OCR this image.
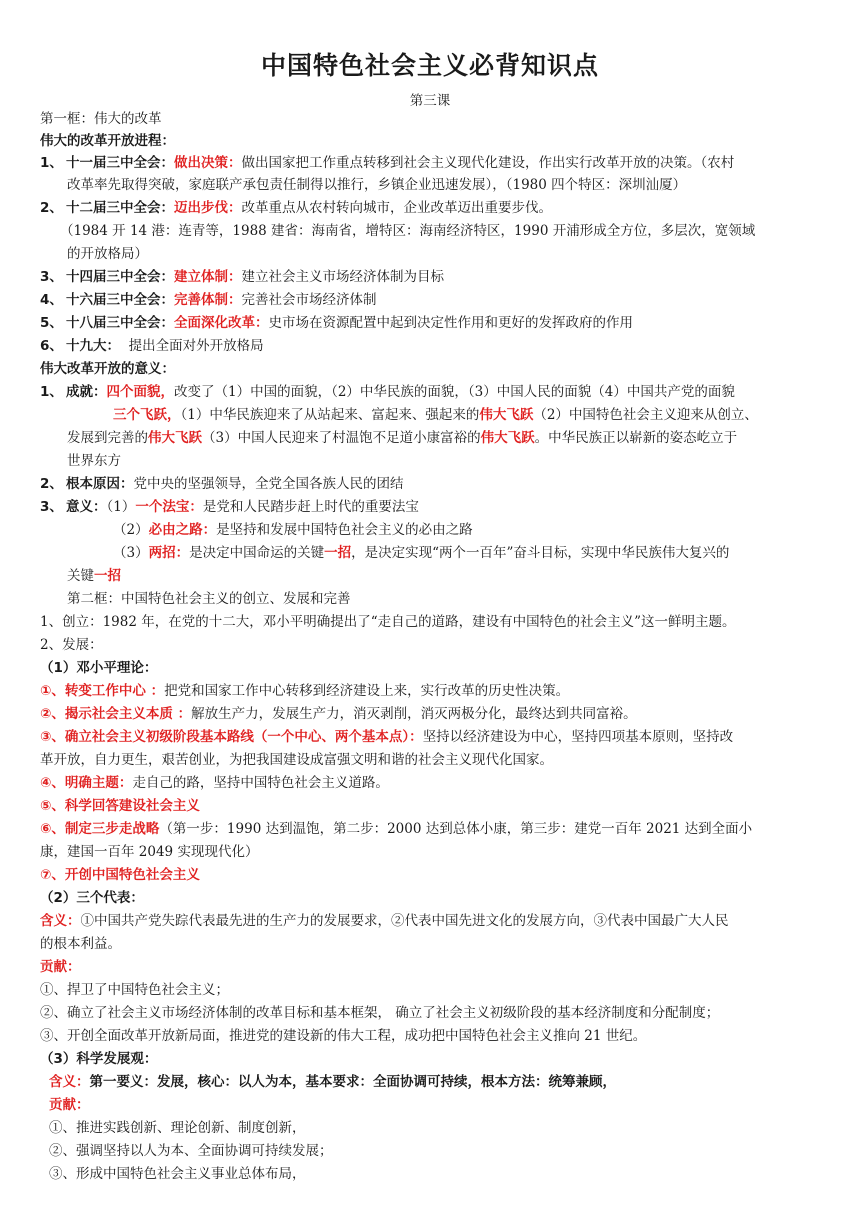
中国特色社会主义必背知识点
第三课
第一框：伟大的改革
伟大的改革开放进程：
1、 十一届三中全会：做出决策：做出国家把工作重点转移到社会主义现代化建设，作出实行改革开放的决策。（农村
改革率先取得突破，家庭联产承包责任制得以推行，乡镇企业迅速发展），（1980 四个特区：深圳汕厦）
2、 十二届三中全会：迈出步伐：改革重点从农村转向城市，企业改革迈出重要步伐。
（1984 开 14 港：连青等，1988 建省：海南省，增特区：海南经济特区，1990 开浦形成全方位，多层次，宽领域
的开放格局）
3、 十四届三中全会：建立体制：建立社会主义市场经济体制为目标
4、 十六届三中全会：完善体制：完善社会市场经济体制
5、 十八届三中全会：全面深化改革：史市场在资源配置中起到决定性作用和更好的发挥政府的作用
6、 十九大：  提出全面对外开放格局
伟大改革开放的意义：
1、 成就：四个面貌，改变了（1）中国的面貌，（2）中华民族的面貌，（3）中国人民的面貌（4）中国共产党的面貌
三个飞跃，（1）中华民族迎来了从站起来、富起来、强起来的伟大飞跃（2）中国特色社会主义迎来从创立、
发展到完善的伟大飞跃（3）中国人民迎来了村温饱不足道小康富裕的伟大飞跃。中华民族正以崭新的姿态屹立于
世界东方
2、 根本原因：党中央的坚强领导，全党全国各族人民的团结
3、 意义：（1）一个法宝：是党和人民踏步赶上时代的重要法宝
（2）必由之路：是坚持和发展中国特色社会主义的必由之路
（3）两招：是决定中国命运的关键一招，是决定实现“两个一百年”奋斗目标，实现中华民族伟大复兴的
关键一招
第二框：中国特色社会主义的创立、发展和完善
1、创立：1982 年，在党的十二大，邓小平明确提出了“走自己的道路，建设有中国特色的社会主义”这一鲜明主题。
2、发展：
（1）邓小平理论：
①、转变工作中心 ：把党和国家工作中心转移到经济建设上来，实行改革的历史性决策。
②、揭示社会主义本质 ：解放生产力，发展生产力，消灭剥削，消灭两极分化，最终达到共同富裕。
③、确立社会主义初级阶段基本路线（一个中心、两个基本点）：坚持以经济建设为中心，坚持四项基本原则，坚持改
革开放，自力更生，艰苦创业，为把我国建设成富强文明和谐的社会主义现代化国家。
④、明确主题：走自己的路，坚持中国特色社会主义道路。
⑤、科学回答建设社会主义
⑥、制定三步走战略（第一步：1990 达到温饱，第二步：2000 达到总体小康，第三步：建党一百年 2021 达到全面小
康，建国一百年 2049 实现现代化）
⑦、开创中国特色社会主义
（2）三个代表：
含义：①中国共产党失踪代表最先进的生产力的发展要求，②代表中国先进文化的发展方向，③代表中国最广大人民
的根本利益。
贡献：
①、捍卫了中国特色社会主义；
②、确立了社会主义市场经济体制的改革目标和基本框架， 确立了社会主义初级阶段的基本经济制度和分配制度；
③、开创全面改革开放新局面，推进党的建设新的伟大工程，成功把中国特色社会主义推向 21 世纪。
（3）科学发展观：
含义：第一要义：发展，核心：以人为本，基本要求：全面协调可持续，根本方法：统筹兼顾，
贡献：
①、推进实践创新、理论创新、制度创新，
②、强调坚持以人为本、全面协调可持续发展；
③、形成中国特色社会主义事业总体布局，
